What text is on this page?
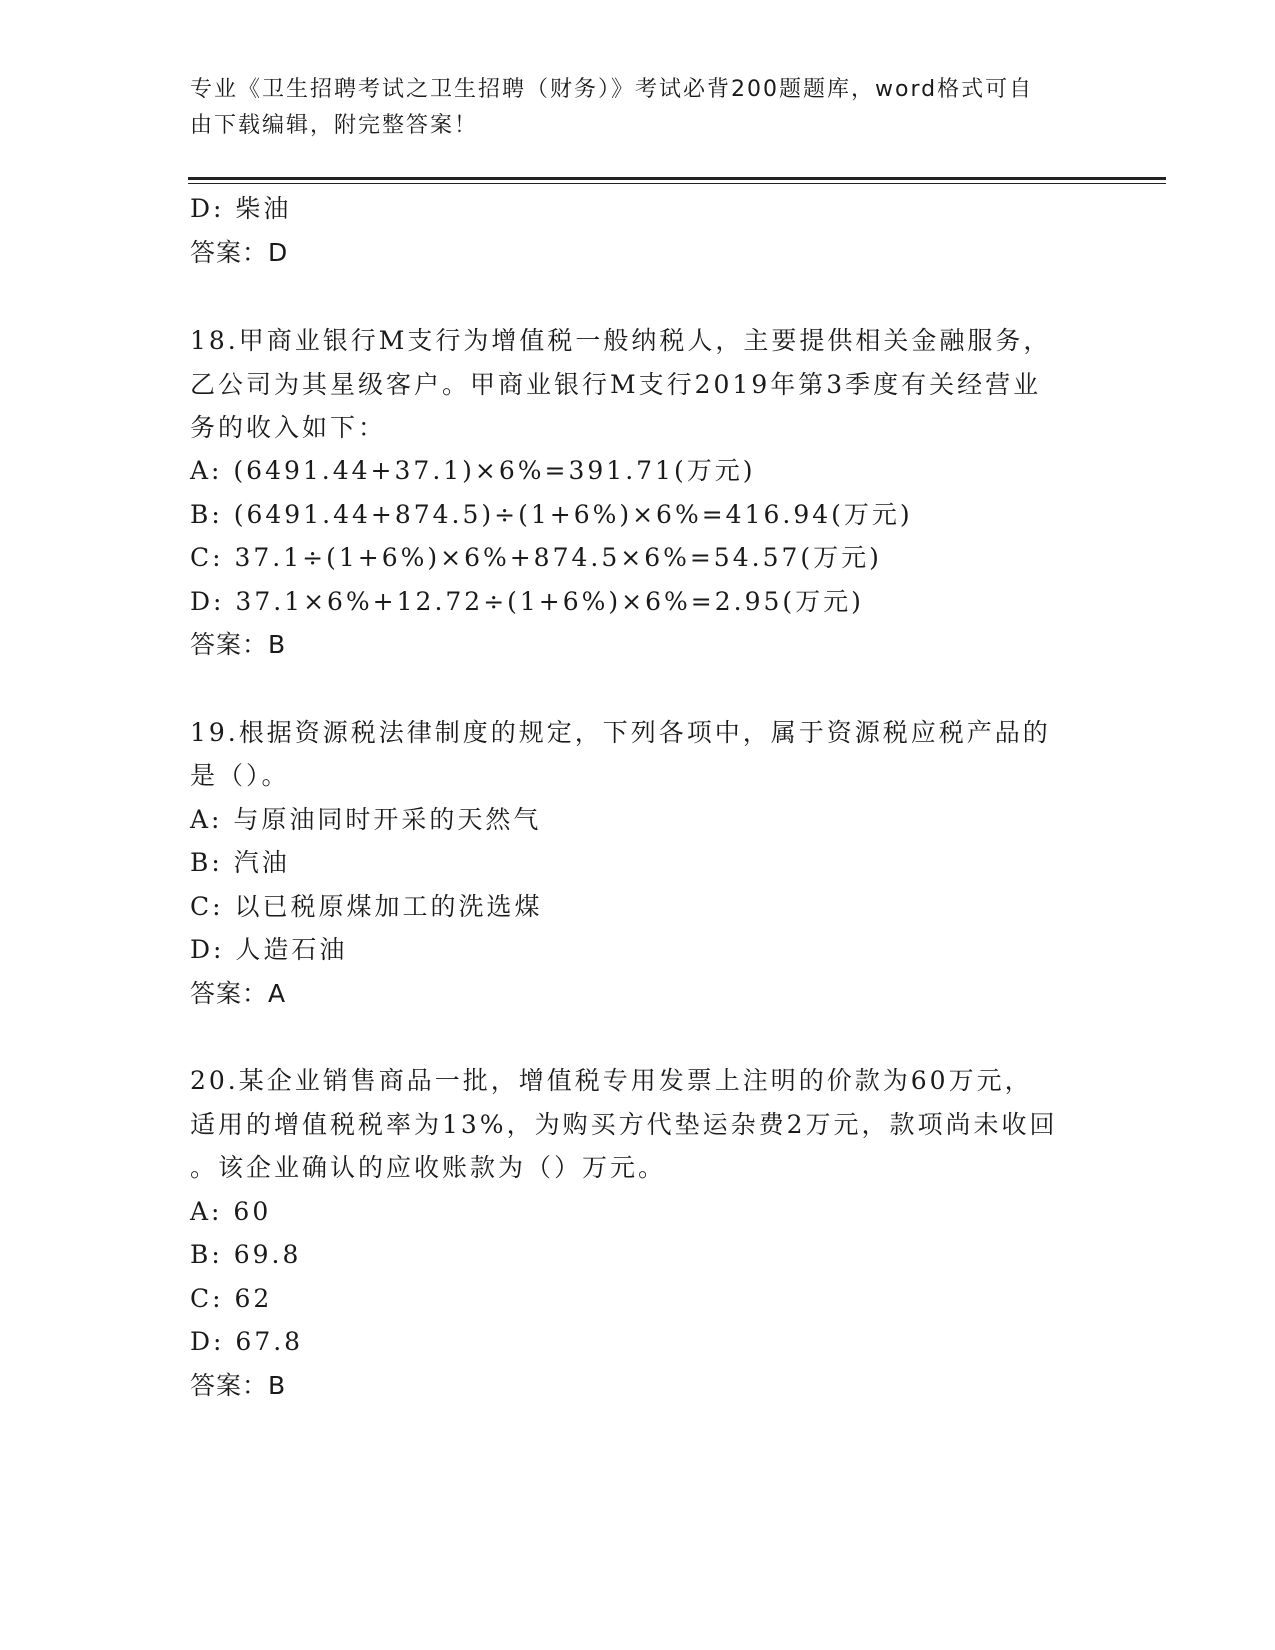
专业《卫生招聘考试之卫生招聘（财务）》考试必背200题题库，word格式可自
由下载编辑，附完整答案！
D: 柴油
答案：D
18.甲商业银行M支行为增值税一般纳税人，主要提供相关金融服务，
乙公司为其星级客户。甲商业银行M支行2019年第3季度有关经营业
务的收入如下：
A: (6491.44+37.1)×6%=391.71(万元)
B: (6491.44+874.5)÷(1+6%)×6%=416.94(万元)
C: 37.1÷(1+6%)×6%+874.5×6%=54.57(万元)
D: 37.1×6%+12.72÷(1+6%)×6%=2.95(万元)
答案：B
19.根据资源税法律制度的规定，下列各项中，属于资源税应税产品的
是（）。
A: 与原油同时开采的天然气
B: 汽油
C: 以已税原煤加工的洗选煤
D: 人造石油
答案：A
20.某企业销售商品一批，增值税专用发票上注明的价款为60万元，
适用的增值税税率为13%，为购买方代垫运杂费2万元，款项尚未收回
。该企业确认的应收账款为（）万元。
A: 60
B: 69.8
C: 62
D: 67.8
答案：B
